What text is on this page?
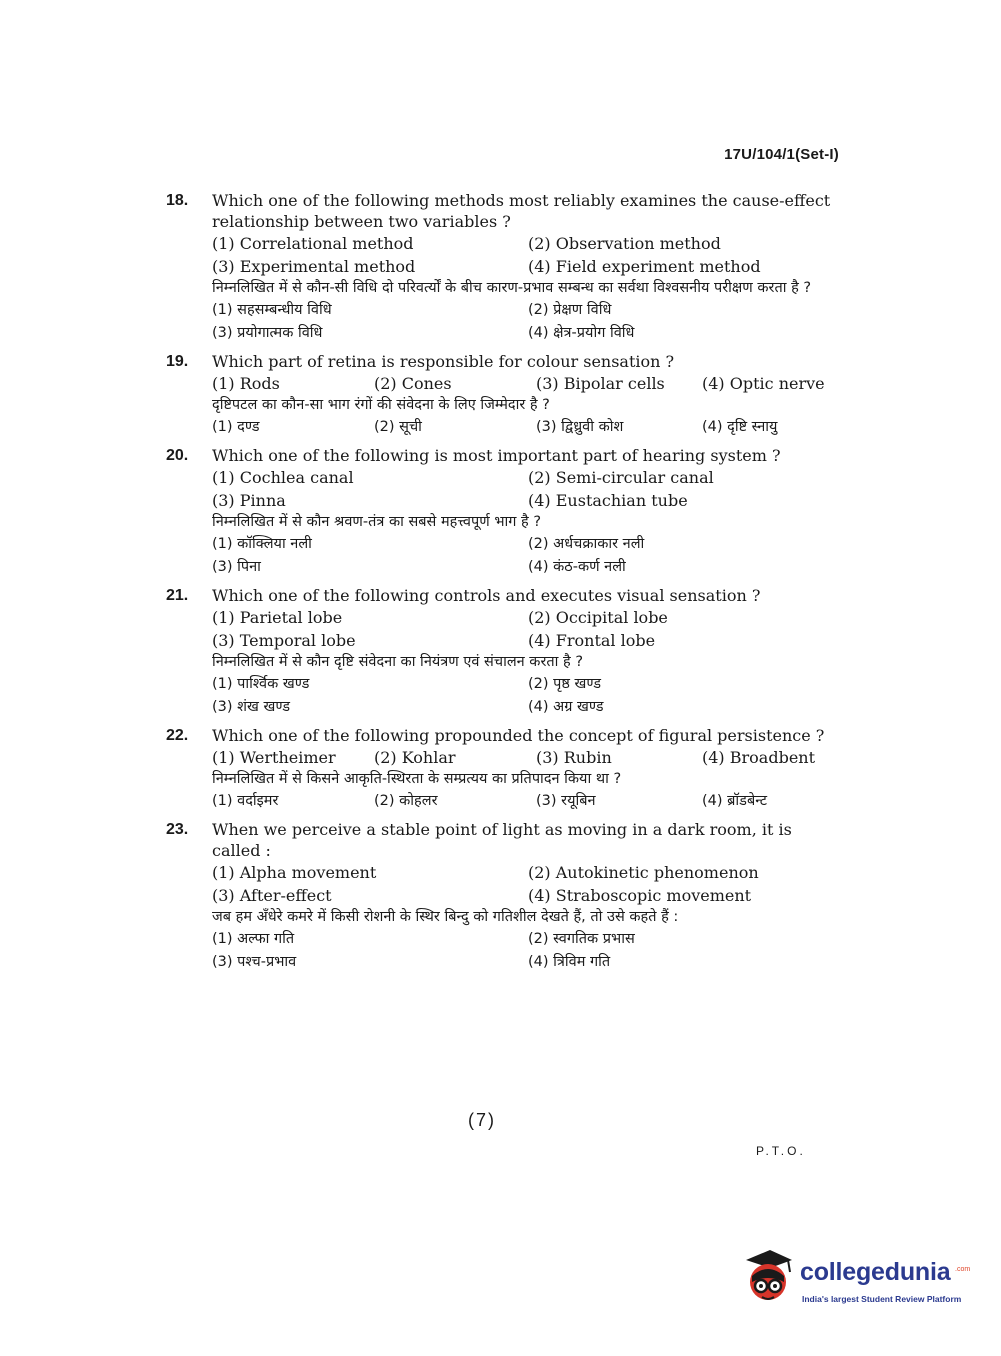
17U/104/1(Set-I)
18.	Which one of the following methods most reliably examines the cause-effect relationship between two variables ?
(1) Correlational method	(2) Observation method
(3) Experimental method	(4) Field experiment method
निम्नलिखित में से कौन-सी विधि दो परिवर्त्यों के बीच कारण-प्रभाव सम्बन्ध का सर्वथा विश्वसनीय परीक्षण करता है ?
(1) सहसम्बन्धीय विधि	(2) प्रेक्षण विधि
(3) प्रयोगात्मक विधि	(4) क्षेत्र-प्रयोग विधि
19.	Which part of retina is responsible for colour sensation ?
(1) Rods	(2) Cones	(3) Bipolar cells	(4) Optic nerve
दृष्टिपटल का कौन-सा भाग रंगों की संवेदना के लिए जिम्मेदार है ?
(1) दण्ड	(2) सूची	(3) द्विध्रुवी कोश	(4) दृष्टि स्नायु
20.	Which one of the following is most important part of hearing system ?
(1) Cochlea canal	(2) Semi-circular canal
(3) Pinna	(4) Eustachian tube
निम्नलिखित में से कौन श्रवण-तंत्र का सबसे महत्त्वपूर्ण भाग है ?
(1) कॉक्लिया नली	(2) अर्धचक्राकार नली
(3) पिना	(4) कंठ-कर्ण नली
21.	Which one of the following controls and executes visual sensation ?
(1) Parietal lobe	(2) Occipital lobe
(3) Temporal lobe	(4) Frontal lobe
निम्नलिखित में से कौन दृष्टि संवेदना का नियंत्रण एवं संचालन करता है ?
(1) पार्श्विक खण्ड	(2) पृष्ठ खण्ड
(3) शंख खण्ड	(4) अग्र खण्ड
22.	Which one of the following propounded the concept of figural persistence ?
(1) Wertheimer	(2) Kohlar	(3) Rubin	(4) Broadbent
निम्नलिखित में से किसने आकृति-स्थिरता के सम्प्रत्यय का प्रतिपादन किया था ?
(1) वर्दाइमर	(2) कोहलर	(3) रयूबिन	(4) ब्रॉडबेन्ट
23.	When we perceive a stable point of light as moving in a dark room, it is called :
(1) Alpha movement	(2) Autokinetic phenomenon
(3) After-effect	(4) Straboscopic movement
जब हम अँधेरे कमरे में किसी रोशनी के स्थिर बिन्दु को गतिशील देखते हैं, तो उसे कहते हैं :
(1) अल्फा गति	(2) स्वगतिक प्रभास
(3) पश्च-प्रभाव	(4) त्रिविम गति
(7)
P.T.O.
collegedunia .com
India's largest Student Review Platform
